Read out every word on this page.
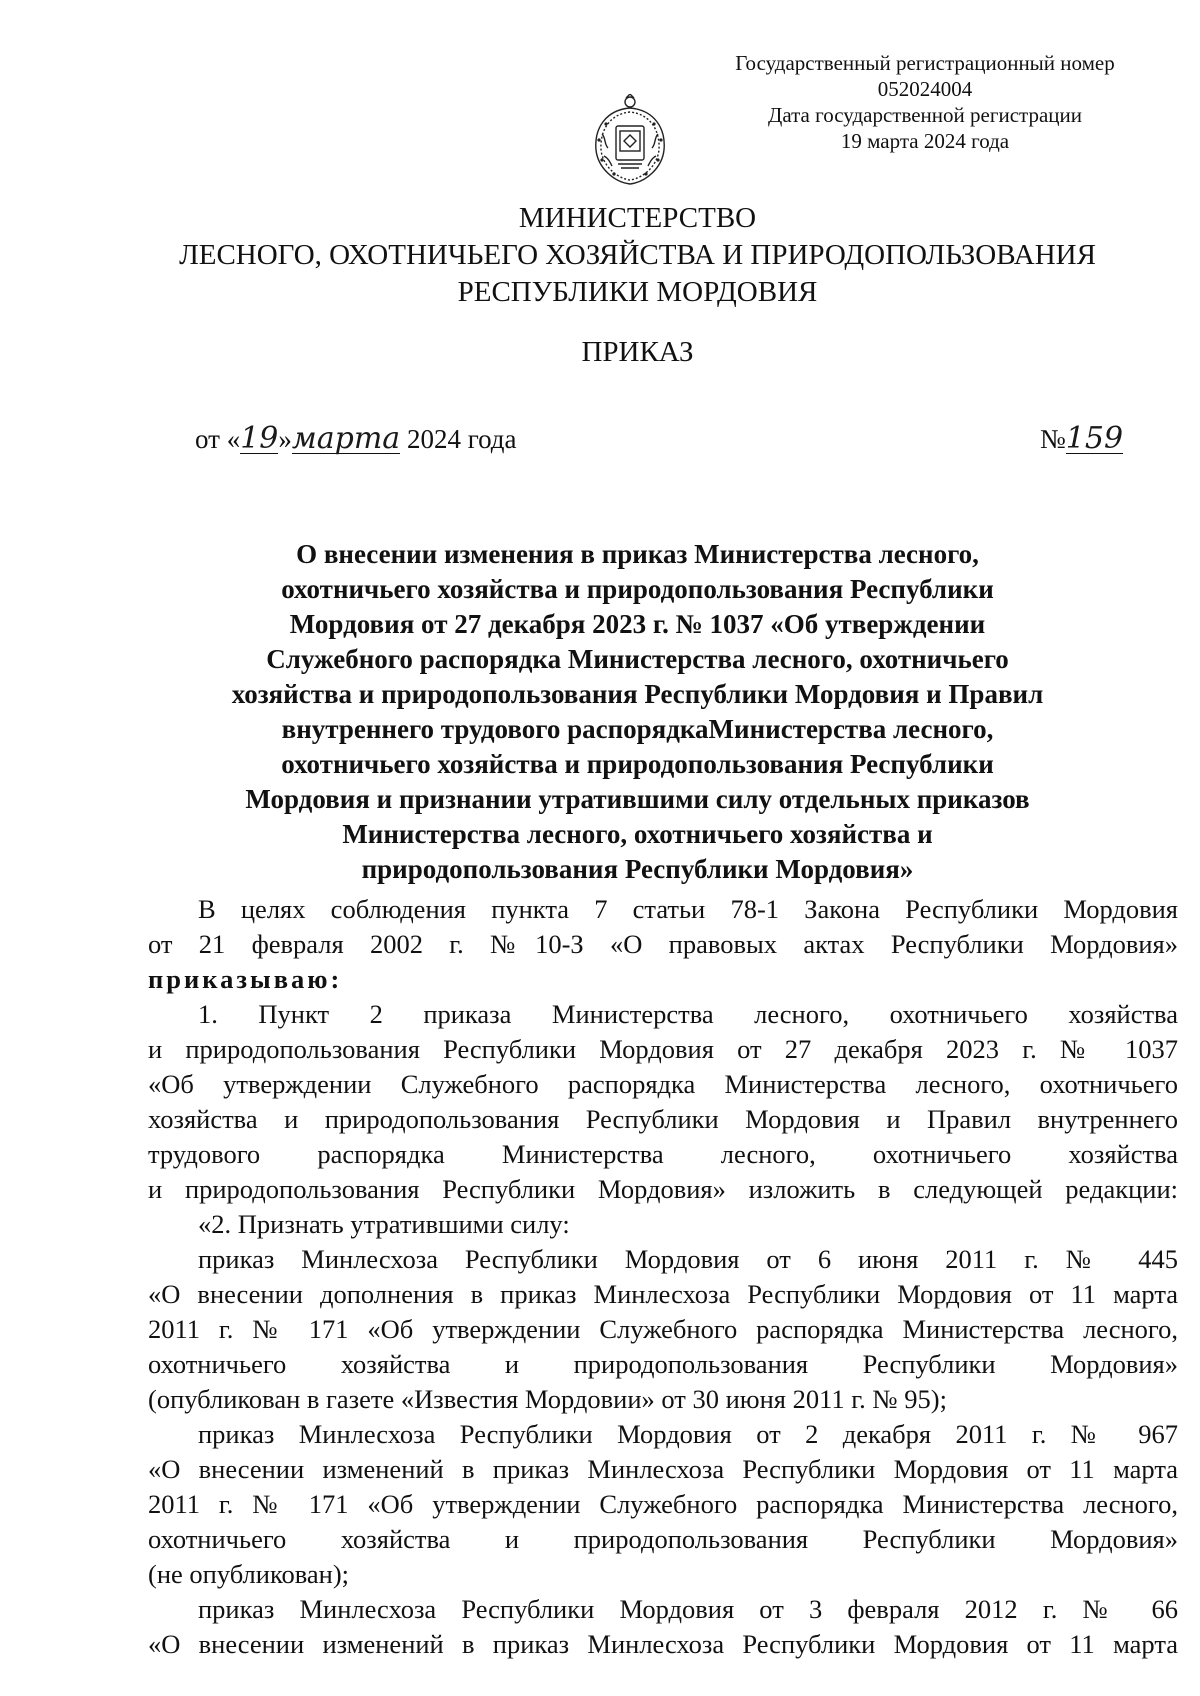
Государственный регистрационный номер
052024004
Дата государственной регистрации
19 марта 2024 года
МИНИСТЕРСТВО
ЛЕСНОГО, ОХОТНИЧЬЕГО ХОЗЯЙСТВА И ПРИРОДОПОЛЬЗОВАНИЯ
РЕСПУБЛИКИ МОРДОВИЯ
ПРИКАЗ
от «19»марта 2024 года	№159
О внесении изменения в приказ Министерства лесного,
охотничьего хозяйства и природопользования Республики
Мордовия от 27 декабря 2023 г. № 1037 «Об утверждении
Служебного распорядка Министерства лесного, охотничьего
хозяйства и природопользования Республики Мордовия и Правил
внутреннего трудового распорядкаМинистерства лесного,
охотничьего хозяйства и природопользования Республики
Мордовия и признании утратившими силу отдельных приказов
Министерства лесного, охотничьего хозяйства и
природопользования Республики Мордовия»

В целях соблюдения пункта 7 статьи 78-1 Закона Республики Мордовия

от 21 февраля 2002 г. №10-З «О правовых актах Республики Мордовия»

приказываю:

1. Пункт 2 приказа Министерства лесного, охотничьего хозяйства

и природопользования Республики Мордовия от 27 декабря 2023 г. № 1037

«Об утверждении Служебного распорядка Министерства лесного, охотничьего

хозяйства и природопользования Республики Мордовия и Правил внутреннего

трудового распорядка Министерства лесного, охотничьего хозяйства

и природопользования Республики Мордовия» изложить в следующей редакции:

«2. Признать утратившими силу:

приказ Минлесхоза Республики Мордовия от 6 июня 2011 г. № 445

«О внесении дополнения в приказ Минлесхоза Республики Мордовия от 11 марта

2011 г. № 171 «Об утверждении Служебного распорядка Министерства лесного,

охотничьего хозяйства и природопользования Республики Мордовия»

(опубликован в газете «Известия Мордовии» от 30 июня 2011 г. № 95);

приказ Минлесхоза Республики Мордовия от 2 декабря 2011 г. № 967

«О внесении изменений в приказ Минлесхоза Республики Мордовия от 11 марта

2011 г. № 171 «Об утверждении Служебного распорядка Министерства лесного,

охотничьего хозяйства и природопользования Республики Мордовия»

(не опубликован);

приказ Минлесхоза Республики Мордовия от 3 февраля 2012 г. № 66

«О внесении изменений в приказ Минлесхоза Республики Мордовия от 11 марта
